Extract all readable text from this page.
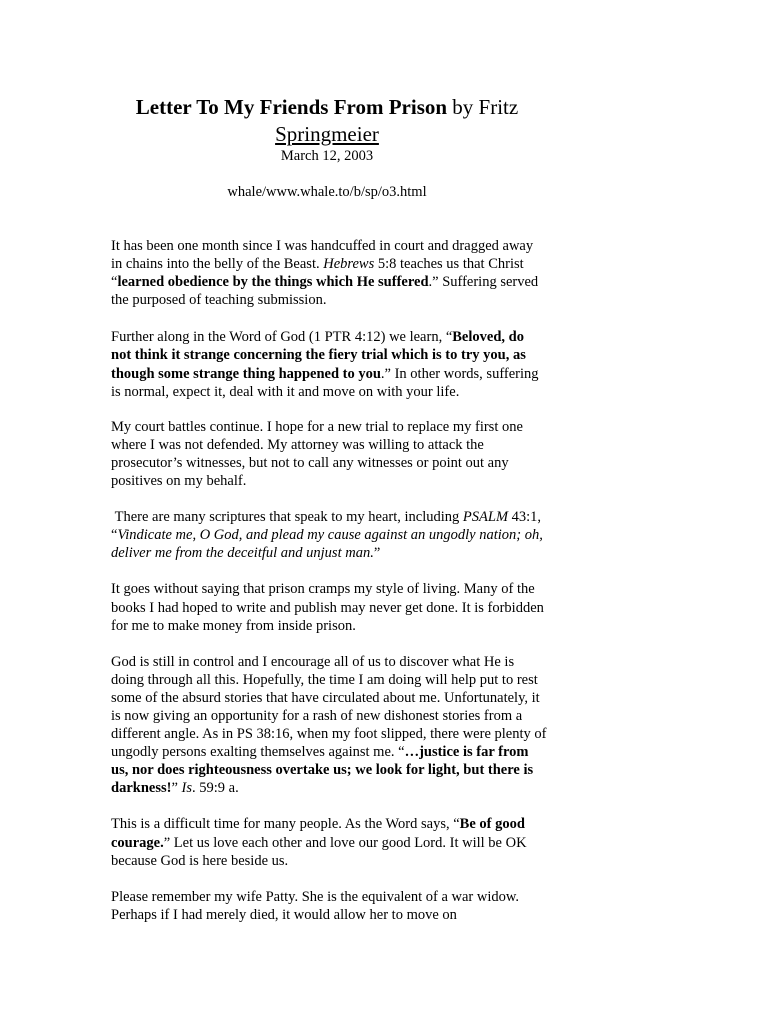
Letter To My Friends From Prison by Fritz
Springmeier
March 12, 2003
whale/www.whale.to/b/sp/o3.html

It has been one month since I was handcuffed in court and dragged away in chains into the belly of the Beast. Hebrews 5:8 teaches us that Christ “learned obedience by the things which He suffered.” Suffering served the purposed of teaching submission.

Further along in the Word of God (1 PTR 4:12) we learn, “Beloved, do not think it strange concerning the fiery trial which is to try you, as though some strange thing happened to you.” In other words, suffering is normal, expect it, deal with it and move on with your life.

My court battles continue. I hope for a new trial to replace my first one where I was not defended. My attorney was willing to attack the prosecutor’s witnesses, but not to call any witnesses or point out any positives on my behalf.

There are many scriptures that speak to my heart, including PSALM 43:1, “Vindicate me, O God, and plead my cause against an ungodly nation; oh, deliver me from the deceitful and unjust man.”

It goes without saying that prison cramps my style of living. Many of the books I had hoped to write and publish may never get done. It is forbidden for me to make money from inside prison.

God is still in control and I encourage all of us to discover what He is doing through all this. Hopefully, the time I am doing will help put to rest some of the absurd stories that have circulated about me. Unfortunately, it is now giving an opportunity for a rash of new dishonest stories from a different angle. As in PS 38:16, when my foot slipped, there were plenty of ungodly persons exalting themselves against me. “…justice is far from us, nor does righteousness overtake us; we look for light, but there is darkness!” Is. 59:9 a.

This is a difficult time for many people. As the Word says, “Be of good courage.” Let us love each other and love our good Lord. It will be OK because God is here beside us.

Please remember my wife Patty. She is the equivalent of a war widow. Perhaps if I had merely died, it would allow her to move on
